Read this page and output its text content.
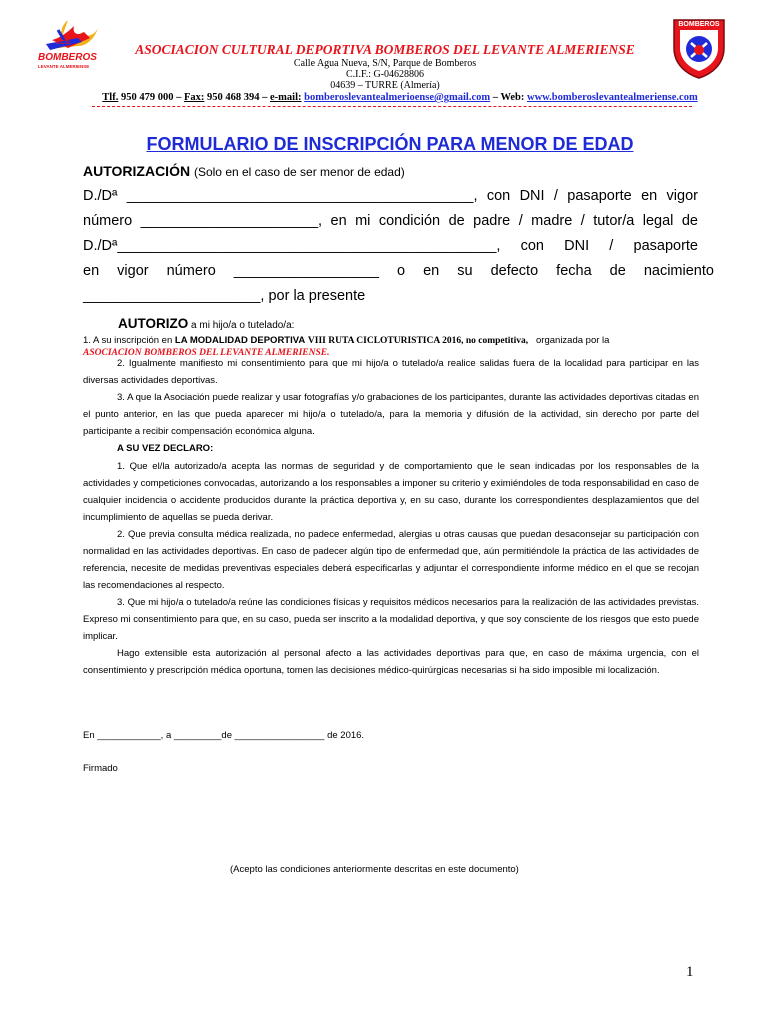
A.C.D.
BOMBEROS
LEVANTE ALMERIENSE
BOMBEROS
ASOCIACION CULTURAL DEPORTIVA BOMBEROS DEL LEVANTE ALMERIENSE
Calle Agua Nueva, S/N, Parque de Bomberos
C.I.F.: G-04628806
04639 – TURRE (Almería)
Tlf. 950 479 000 – Fax: 950 468 394 – e-mail: bomberoslevantealmerioense@gmail.com – Web: www.bomberoslevantealmeriense.com
FORMULARIO DE INSCRIPCIÓN PARA MENOR DE EDAD
AUTORIZACIÓN (Solo en el caso de ser menor de edad)
D./Dª ___________________________________________, con DNI / pasaporte en vigor
número ______________________, en mi condición de padre / madre / tutor/a legal de
D./Dª_______________________________________________, con DNI / pasaporte
en vigor número __________________ o en su defecto fecha de nacimiento
______________________, por la presente
AUTORIZO a mi hijo/a o tutelado/a:
1. A su inscripción en LA MODALIDAD DEPORTIVA VIII RUTA CICLOTURISTICA 2016, no competitiva, organizada por la
ASOCIACION BOMBEROS DEL LEVANTE ALMERIENSE.
2. Igualmente manifiesto mi consentimiento para que mi hijo/a o tutelado/a realice salidas fuera de la localidad para participar en las diversas actividades deportivas.
3. A que la Asociación puede realizar y usar fotografías y/o grabaciones de los participantes, durante las actividades deportivas citadas en el punto anterior, en las que pueda aparecer mi hijo/a o tutelado/a, para la memoria y difusión de la actividad, sin derecho por parte del participante a recibir compensación económica alguna.
A SU VEZ DECLARO:
1. Que el/la autorizado/a acepta las normas de seguridad y de comportamiento que le sean indicadas por los responsables de la actividades y competiciones convocadas, autorizando a los responsables a imponer su criterio y eximiéndoles de toda responsabilidad en caso de cualquier incidencia o accidente producidos durante la práctica deportiva y, en su caso, durante los correspondientes desplazamientos que del incumplimiento de aquellas se pueda derivar.
2. Que previa consulta médica realizada, no padece enfermedad, alergias u otras causas que puedan desaconsejar su participación con normalidad en las actividades deportivas. En caso de padecer algún tipo de enfermedad que, aún permitiéndole la práctica de las actividades de referencia, necesite de medidas preventivas especiales deberá especificarlas y adjuntar el correspondiente informe médico en el que se recojan las recomendaciones al respecto.
3. Que mi hijo/a o tutelado/a reúne las condiciones físicas y requisitos médicos necesarios para la realización de las actividades previstas. Expreso mi consentimiento para que, en su caso, pueda ser inscrito a la modalidad deportiva, y que soy consciente de los riesgos que esto puede implicar.
Hago extensible esta autorización al personal afecto a las actividades deportivas para que, en caso de máxima urgencia, con el consentimiento y prescripción médica oportuna, tomen las decisiones médico-quirúrgicas necesarias si ha sido imposible mi localización.
En ____________, a _________de _________________ de 2016.
Firmado
(Acepto las condiciones anteriormente descritas en este documento)
1
